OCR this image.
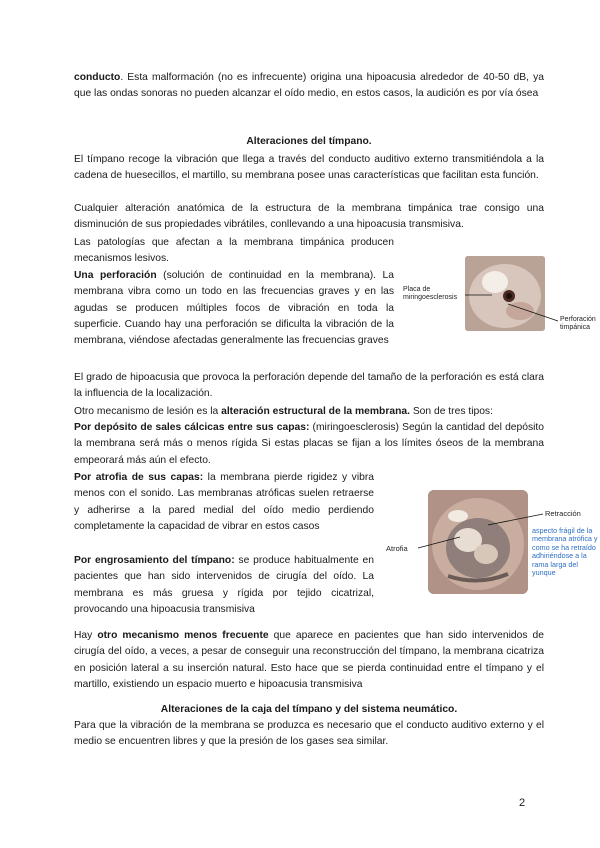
conducto. Esta malformación (no es infrecuente) origina una hipoacusia alrededor de 40-50 dB, ya que las ondas sonoras no pueden alcanzar el oído medio, en estos casos, la audición es por vía ósea

Alteraciones del tímpano.

El tímpano recoge la vibración que llega a través del conducto auditivo externo transmitiéndola a la cadena de huesecillos, el martillo, su membrana posee unas características que facilitan esta función.

Cualquier alteración anatómica de la estructura de la membrana timpánica trae consigo una disminución de sus propiedades vibrátiles, conllevando a una hipoacusia transmisiva.

Las patologías que afectan a la membrana timpánica producen mecanismos lesivos.

Una perforación (solución de continuidad en la membrana). La membrana vibra como un todo en las frecuencias graves y en las agudas se producen múltiples focos de vibración en toda la superficie. Cuando hay una perforación se dificulta la vibración de la membrana, viéndose afectadas generalmente las frecuencias graves

Placa de miringoesclerosis
Perforación timpánica

El grado de hipoacusia que provoca la perforación depende del tamaño de la perforación es está clara la influencia de la localización.

Otro mecanismo de lesión es la alteración estructural de la membrana. Son de tres tipos:

Por depósito de sales cálcicas entre sus capas: (miringoesclerosis) Según la cantidad del depósito la membrana será más o menos rígida Si estas placas se fijan a los límites óseos de la membrana empeorará más aún el efecto.

Por atrofia de sus capas: la membrana pierde rigidez y vibra menos con el sonido. Las membranas atróficas suelen retraerse y adherirse a la pared medial del oído medio perdiendo completamente la capacidad de vibrar en estos casos

Por engrosamiento del tímpano: se produce habitualmente en pacientes que han sido intervenidos de cirugía del oído. La membrana es más gruesa y rígida por tejido cicatrizal, provocando una hipoacusia transmisiva

Atrofia
Retracción
aspecto frágil de la membrana atrófica y como se ha retraído adhiriéndose a la rama larga del yunque

Hay otro mecanismo menos frecuente que aparece en pacientes que han sido intervenidos de cirugía del oído, a veces, a pesar de conseguir una reconstrucción del tímpano, la membrana cicatriza en posición lateral a su inserción natural. Esto hace que se pierda continuidad entre el tímpano y el martillo, existiendo un espacio muerto e hipoacusia transmisiva

Alteraciones de la caja del tímpano y del sistema neumático.

Para que la vibración de la membrana se produzca es necesario que el conducto auditivo externo y el medio se encuentren libres y que la presión de los gases sea similar.

2
